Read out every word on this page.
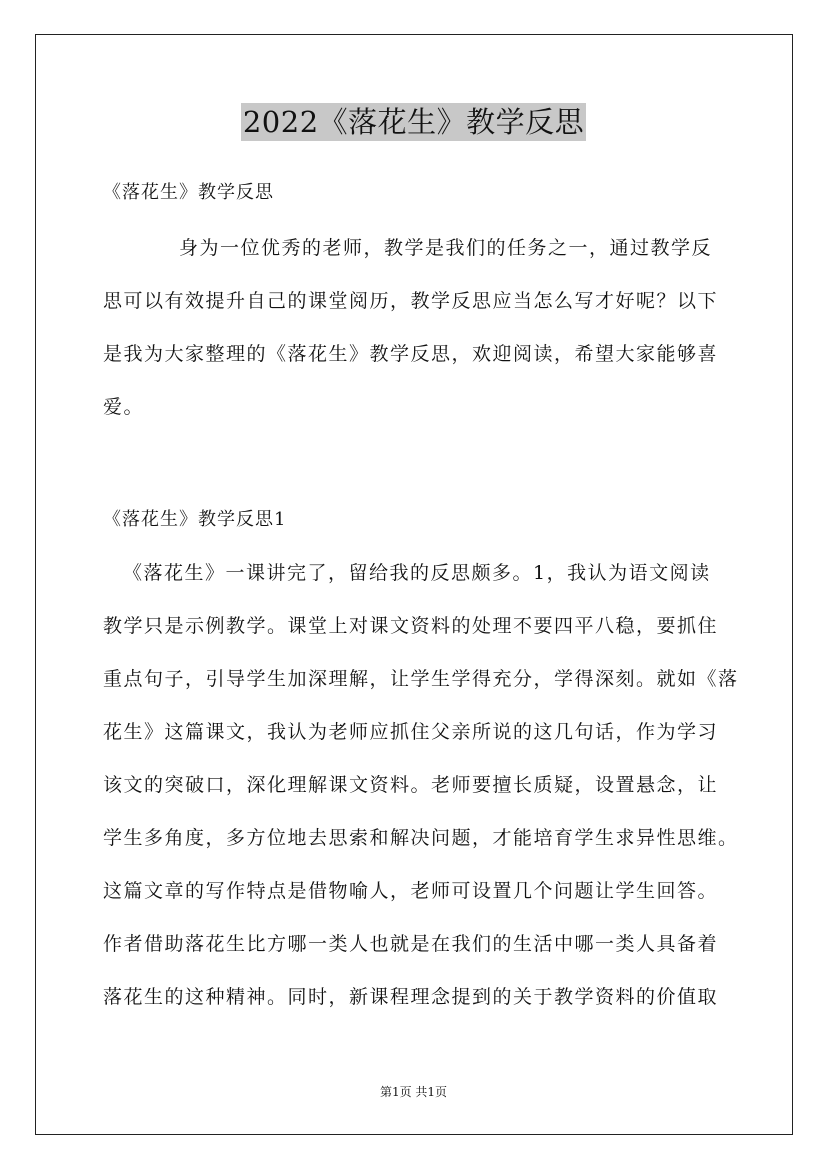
2022《落花生》教学反思
《落花生》教学反思
身为一位优秀的老师，教学是我们的任务之一，通过教学反
思可以有效提升自己的课堂阅历，教学反思应当怎么写才好呢？以下
是我为大家整理的《落花生》教学反思，欢迎阅读，希望大家能够喜
爱。
《落花生》教学反思1
《落花生》一课讲完了，留给我的反思颇多。1，我认为语文阅读
教学只是示例教学。课堂上对课文资料的处理不要四平八稳，要抓住
重点句子，引导学生加深理解，让学生学得充分，学得深刻。就如《落
花生》这篇课文，我认为老师应抓住父亲所说的这几句话，作为学习
该文的突破口，深化理解课文资料。老师要擅长质疑，设置悬念，让
学生多角度，多方位地去思索和解决问题，才能培育学生求异性思维。
这篇文章的写作特点是借物喻人，老师可设置几个问题让学生回答。
作者借助落花生比方哪一类人也就是在我们的生活中哪一类人具备着
落花生的这种精神。同时，新课程理念提到的关于教学资料的价值取
第1页 共1页
